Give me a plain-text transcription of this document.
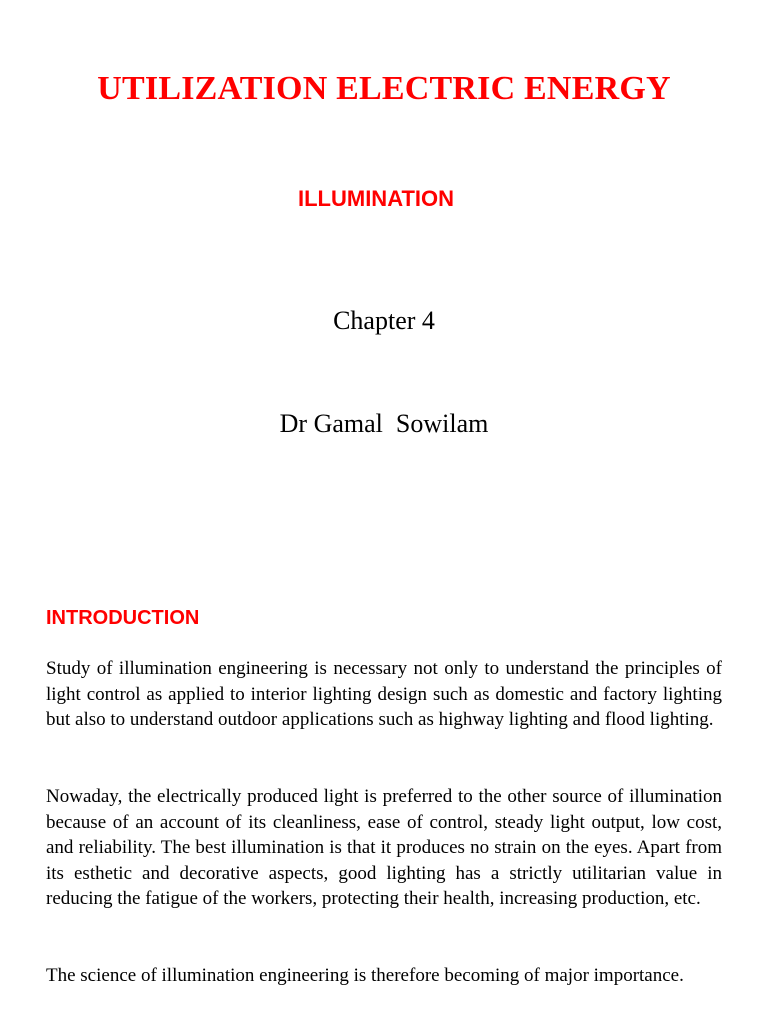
UTILIZATION ELECTRIC ENERGY
ILLUMINATION
Chapter 4
Dr Gamal  Sowilam
INTRODUCTION

Study of illumination engineering is necessary not only to understand the principles of light control as applied to interior lighting design such as domestic and factory lighting but also to understand outdoor applications such as highway lighting and flood lighting.

Nowaday, the electrically produced light is preferred to the other source of illumination because of an account of its cleanliness, ease of control, steady light output, low cost, and reliability. The best illumination is that it produces no strain on the eyes. Apart from its esthetic and decorative aspects, good lighting has a strictly utilitarian value in reducing the fatigue of the workers, protecting their health, increasing production, etc.

The science of illumination engineering is therefore becoming of major importance.
